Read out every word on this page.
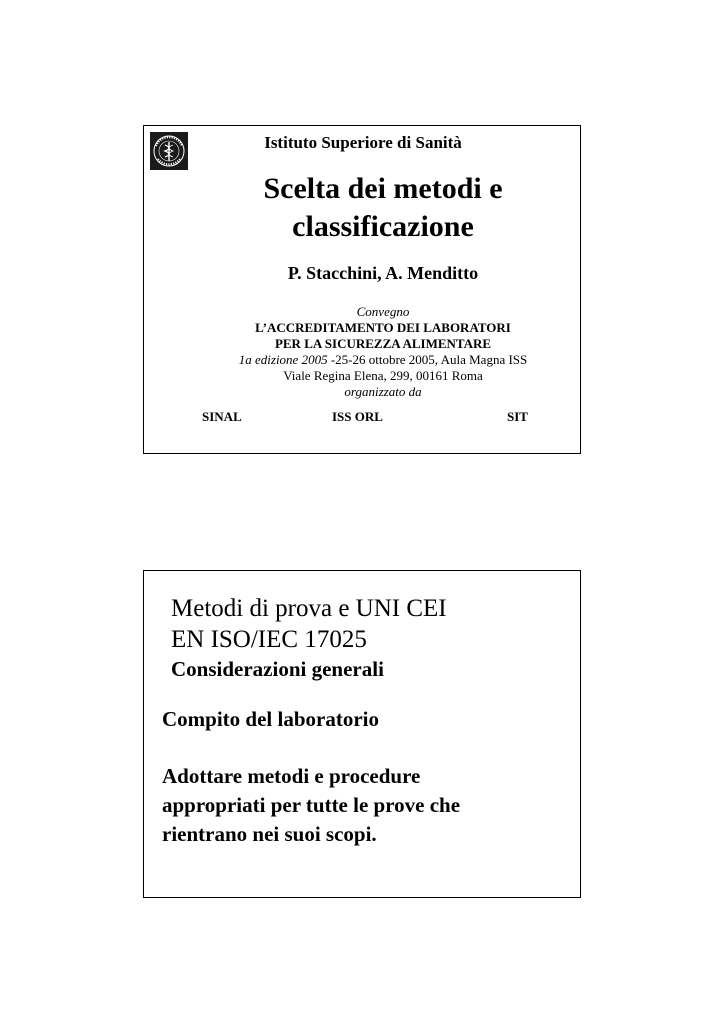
Istituto Superiore di Sanità
Scelta dei metodi e
classificazione
P. Stacchini, A. Menditto
Convegno
L’ACCREDITAMENTO DEI LABORATORI
PER LA SICUREZZA ALIMENTARE
1a edizione 2005 -25-26 ottobre 2005, Aula Magna ISS
Viale Regina Elena, 299, 00161 Roma
organizzato da
SINAL	ISS ORL	SIT
Metodi di prova e UNI CEI
EN ISO/IEC 17025
Considerazioni generali
Compito del laboratorio
Adottare metodi e procedure
appropriati per tutte le prove che
rientrano nei suoi scopi.
